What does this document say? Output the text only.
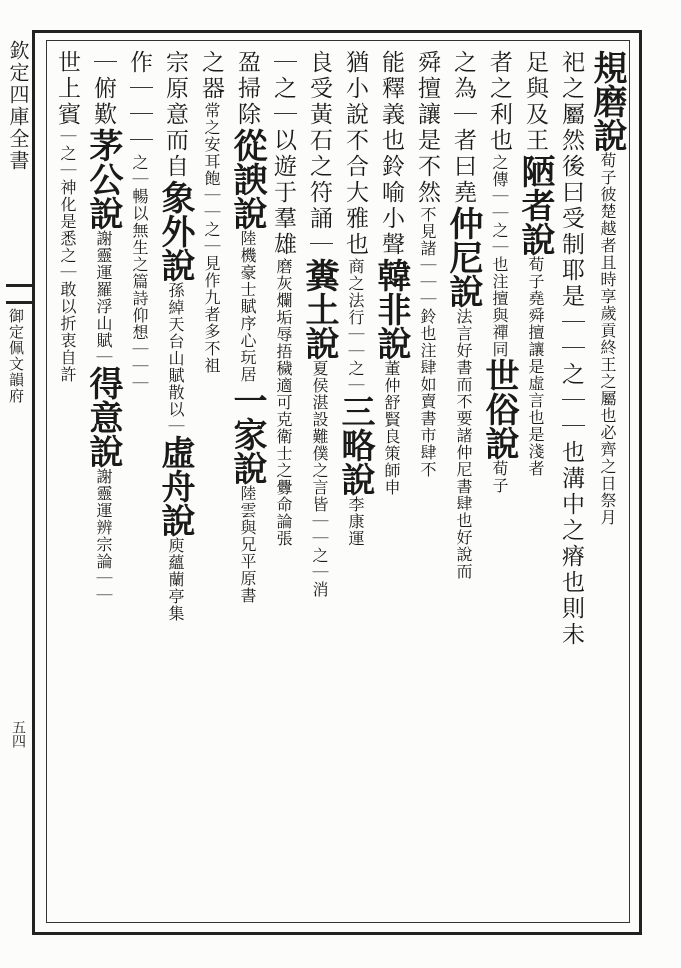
欽定四庫全書
御定佩文韻府
五四
規磨說荀子彼楚越者且時享歲貢終王之屬也必齊之日祭月
祀之屬然後曰受制耶是｜｜之｜｜也溝中之瘠也則未
足與及王陋者說荀子堯舜擅讓是虛言也是淺者
者之利也之傳｜｜之｜也注擅與禪同世俗說荀子
之為｜者曰堯仲尼說法言好書而不要諸仲尼書肆也好說而
舜擅讓是不然不見諸｜｜｜鈴也注肆如賣書市肆不
能釋義也鈴喻小聲韓非說董仲舒賢良策師申
猶小說不合大雅也商之法行｜｜之｜三略說李康運
良受黃石之符誦｜糞土說夏侯湛設難僕之言皆｜｜之｜消
｜之｜以遊于羣雄磨灰爛垢辱捂穢適可克衛士之釁命論張
盈掃除從諛說陸機豪士賦序心玩居一家說陸雲與兄平原書
之器常之安耳飽｜｜之｜見作九者多不祖
宗原意而自象外說孫綽天台山賦散以｜虛舟說庾蘊蘭亭集
作｜｜｜之｜暢以無生之篇詩仰想｜｜｜
｜俯歎茅公說謝靈運羅浮山賦｜得意說謝靈運辨宗論｜｜
世上賓｜之｜神化是悉之｜敢以折衷自許
